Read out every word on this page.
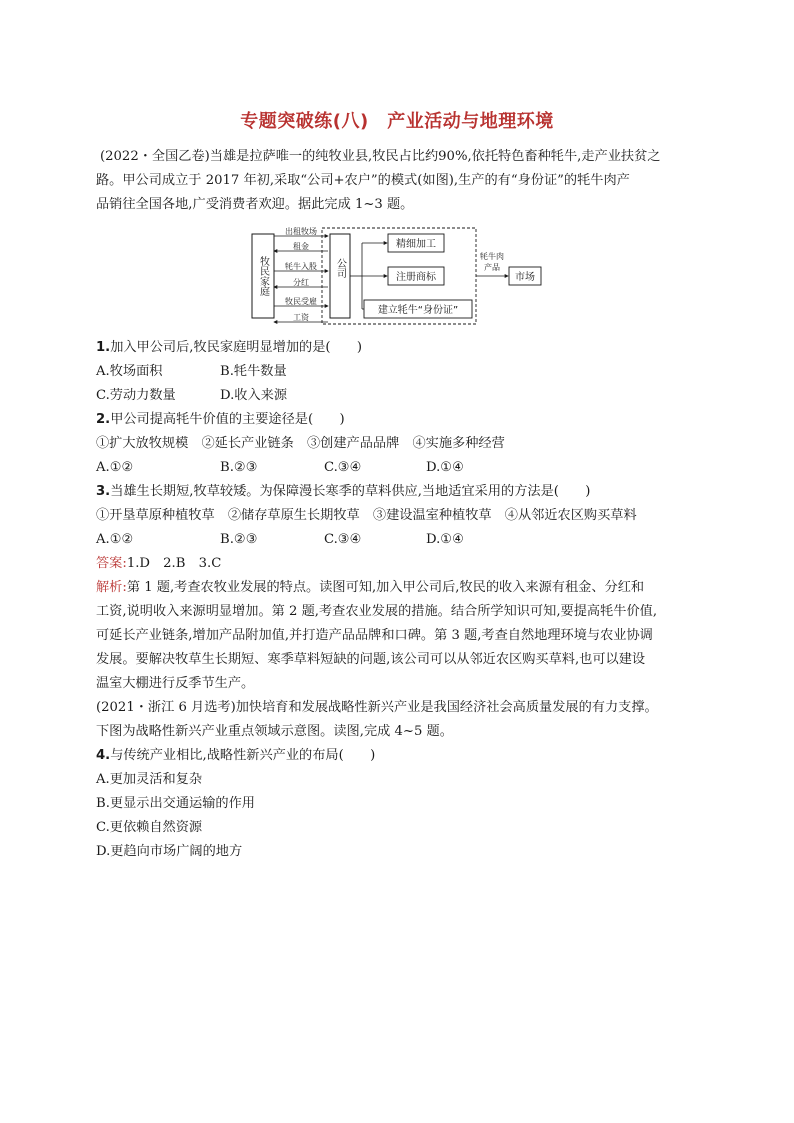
专题突破练(八)　产业活动与地理环境
(2022・全国乙卷)当雄是拉萨唯一的纯牧业县,牧民占比约90%,依托特色畜种牦牛,走产业扶贫之
路。甲公司成立于 2017 年初,采取“公司+农户”的模式(如图),生产的有“身份证”的牦牛肉产
品销往全国各地,广受消费者欢迎。据此完成 1~3 题。
牧民家庭
出租牧场
租金
牦牛入股
分红
牧民受雇
工资
公司
精细加工
注册商标
建立牦牛“身份证”
牦牛肉
产品
市场
1.加入甲公司后,牧民家庭明显增加的是(　　)
A.牧场面积	B.牦牛数量
C.劳动力数量	D.收入来源
2.甲公司提高牦牛价值的主要途径是(　　)
①扩大放牧规模　②延长产业链条　③创建产品品牌　④实施多种经营
A.①②	B.②③	C.③④	D.①④
3.当雄生长期短,牧草较矮。为保障漫长寒季的草料供应,当地适宜采用的方法是(　　)
①开垦草原种植牧草　②储存草原生长期牧草　③建设温室种植牧草　④从邻近农区购买草料
A.①②	B.②③	C.③④	D.①④
答案:1.D　2.B　3.C
解析:第 1 题,考查农牧业发展的特点。读图可知,加入甲公司后,牧民的收入来源有租金、分红和
工资,说明收入来源明显增加。第 2 题,考查农业发展的措施。结合所学知识可知,要提高牦牛价值,
可延长产业链条,增加产品附加值,并打造产品品牌和口碑。第 3 题,考查自然地理环境与农业协调
发展。要解决牧草生长期短、寒季草料短缺的问题,该公司可以从邻近农区购买草料,也可以建设
温室大棚进行反季节生产。
(2021・浙江 6 月选考)加快培育和发展战略性新兴产业是我国经济社会高质量发展的有力支撑。
下图为战略性新兴产业重点领域示意图。读图,完成 4~5 题。
4.与传统产业相比,战略性新兴产业的布局(　　)
A.更加灵活和复杂
B.更显示出交通运输的作用
C.更依赖自然资源
D.更趋向市场广阔的地方
